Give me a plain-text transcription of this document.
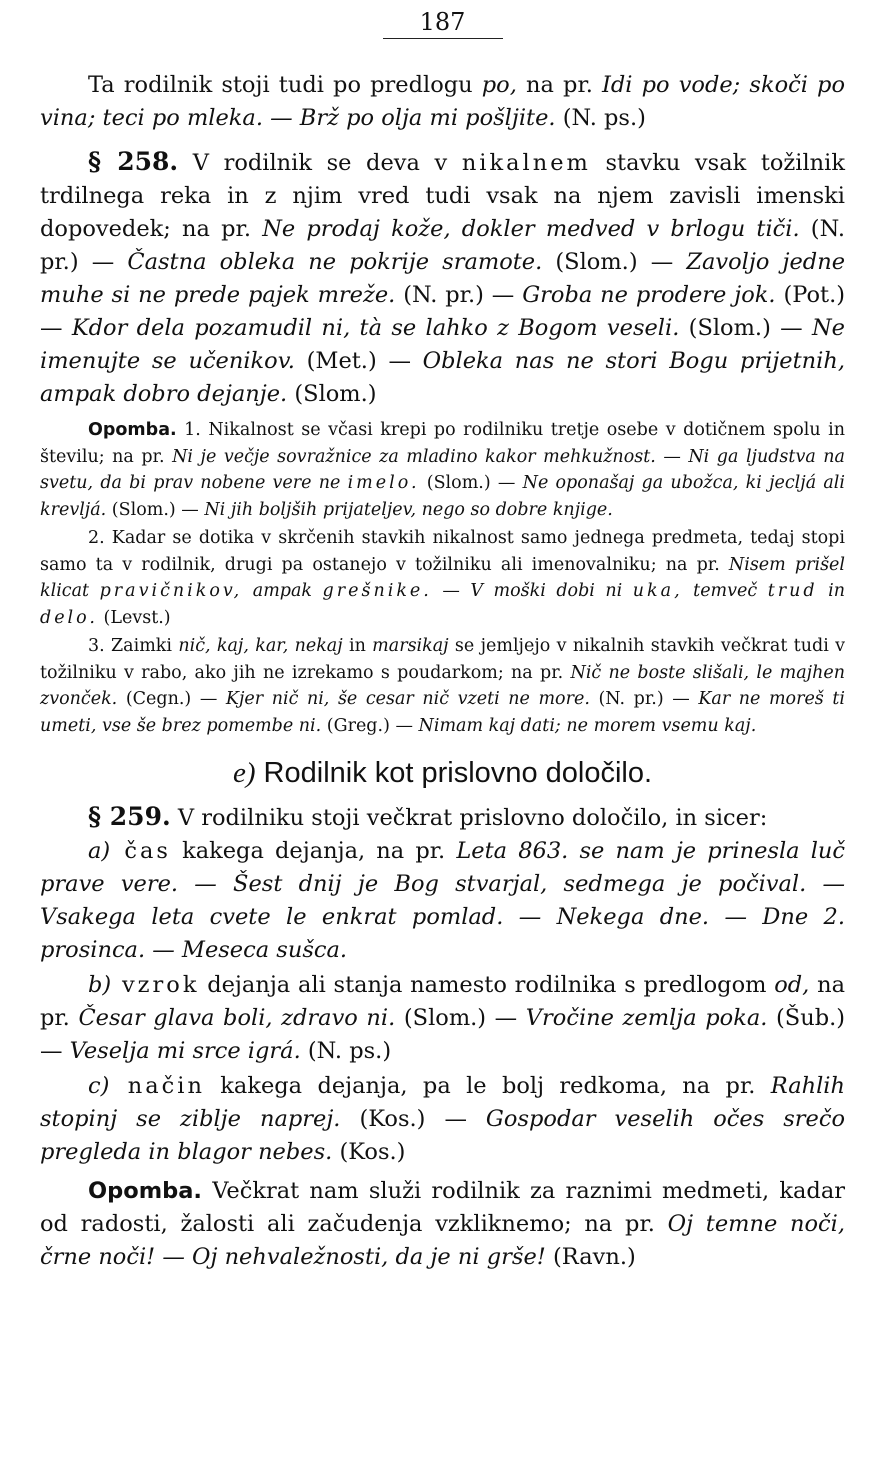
187

Ta rodilnik stoji tudi po predlogu po, na pr. Idi po vode; skoči po vina; teci po mleka. — Brž po olja mi pošljite. (N. ps.)

§ 258. V rodilnik se deva v nikalnem stavku vsak tožilnik trdilnega reka in z njim vred tudi vsak na njem zavisli imenski dopovedek; na pr. Ne prodaj kože, dokler medved v brlogu tiči. (N. pr.) — Častna obleka ne pokrije sramote. (Slom.) — Zavoljo jedne muhe si ne prede pajek mreže. (N. pr.) — Groba ne prodere jok. (Pot.) — Kdor dela pozamudil ni, tà se lahko z Bogom veseli. (Slom.) — Ne imenujte se učenikov. (Met.) — Obleka nas ne stori Bogu prijetnih, ampak dobro dejanje. (Slom.)

Opomba. 1. Nikalnost se včasi krepi po rodilniku tretje osebe v dotičnem spolu in številu; na pr. Ni je večje sovražnice za mladino kakor mehkužnost. — Ni ga ljudstva na svetu, da bi prav nobene vere ne imelo. (Slom.) — Ne oponašaj ga ubožca, ki jecljá ali krevljá. (Slom.) — Ni jih boljših prijateljev, nego so dobre knjige.

2. Kadar se dotika v skrčenih stavkih nikalnost samo jednega predmeta, tedaj stopi samo ta v rodilnik, drugi pa ostanejo v tožilniku ali imenovalniku; na pr. Nisem prišel klicat pravičnikov, ampak grešnike. — V moški dobi ni uka, temveč trud in delo. (Levst.)

3. Zaimki nič, kaj, kar, nekaj in marsikaj se jemljejo v nikalnih stavkih večkrat tudi v tožilniku v rabo, ako jih ne izrekamo s poudarkom; na pr. Nič ne boste slišali, le majhen zvonček. (Cegn.) — Kjer nič ni, še cesar nič vzeti ne more. (N. pr.) — Kar ne moreš ti umeti, vse še brez pomembe ni. (Greg.) — Nimam kaj dati; ne morem vsemu kaj.

e) Rodilnik kot prislovno določilo.

§ 259. V rodilniku stoji večkrat prislovno določilo, in sicer:

a) čas kakega dejanja, na pr. Leta 863. se nam je prinesla luč prave vere. — Šest dnij je Bog stvarjal, sedmega je počival. — Vsakega leta cvete le enkrat pomlad. — Nekega dne. — Dne 2. prosinca. — Meseca sušca.

b) vzrok dejanja ali stanja namesto rodilnika s predlogom od, na pr. Česar glava boli, zdravo ni. (Slom.) — Vročine zemlja poka. (Šub.) — Veselja mi srce igrá. (N. ps.)

c) način kakega dejanja, pa le bolj redkoma, na pr. Rahlih stopinj se ziblje naprej. (Kos.) — Gospodar veselih očes srečo pregleda in blagor nebes. (Kos.)

Opomba. Večkrat nam služi rodilnik za raznimi medmeti, kadar od radosti, žalosti ali začudenja vzkliknemo; na pr. Oj temne noči, črne noči! — Oj nehvaležnosti, da je ni grše! (Ravn.)
